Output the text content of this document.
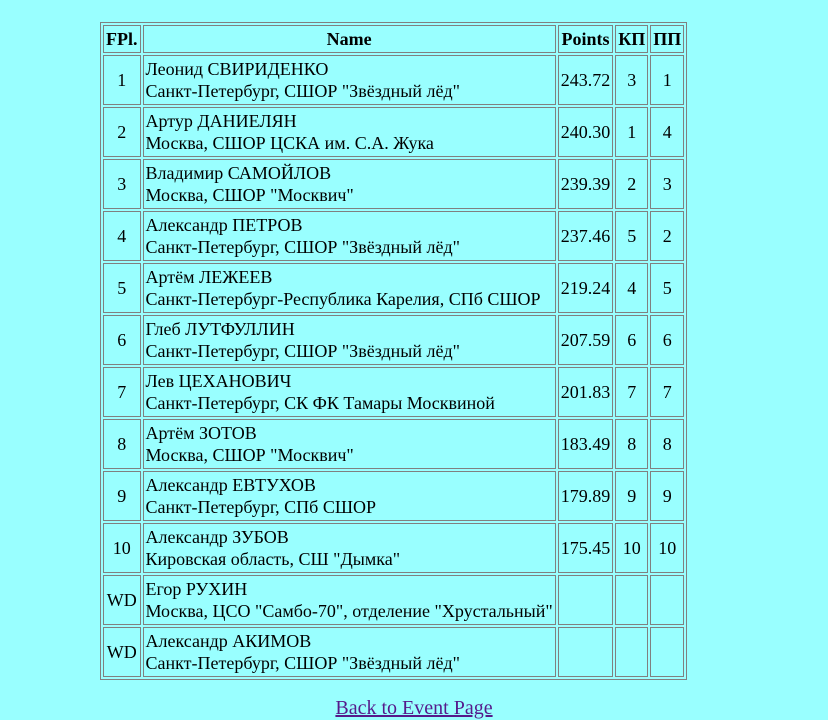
FPl.	Name	Points	КП	ПП
1	Леонид СВИРИДЕНКО
Санкт-Петербург, СШОР "Звёздный лёд"	243.72	3	1
2	Артур ДАНИЕЛЯН
Москва, СШОР ЦСКА им. С.А. Жука	240.30	1	4
3	Владимир САМОЙЛОВ
Москва, СШОР "Москвич"	239.39	2	3
4	Александр ПЕТРОВ
Санкт-Петербург, СШОР "Звёздный лёд"	237.46	5	2
5	Артём ЛЕЖЕЕВ
Санкт-Петербург-Республика Карелия, СПб СШОР	219.24	4	5
6	Глеб ЛУТФУЛЛИН
Санкт-Петербург, СШОР "Звёздный лёд"	207.59	6	6
7	Лев ЦЕХАНОВИЧ
Санкт-Петербург, СК ФК Тамары Москвиной	201.83	7	7
8	Артём ЗОТОВ
Москва, СШОР "Москвич"	183.49	8	8
9	Александр ЕВТУХОВ
Санкт-Петербург, СПб СШОР	179.89	9	9
10	Александр ЗУБОВ
Кировская область, СШ "Дымка"	175.45	10	10
WD	Егор РУХИН
Москва, ЦСО "Самбо-70", отделение "Хрустальный"			

WD	Александр АКИМОВ
Санкт-Петербург, СШОР "Звёздный лёд"			

Back to Event Page
